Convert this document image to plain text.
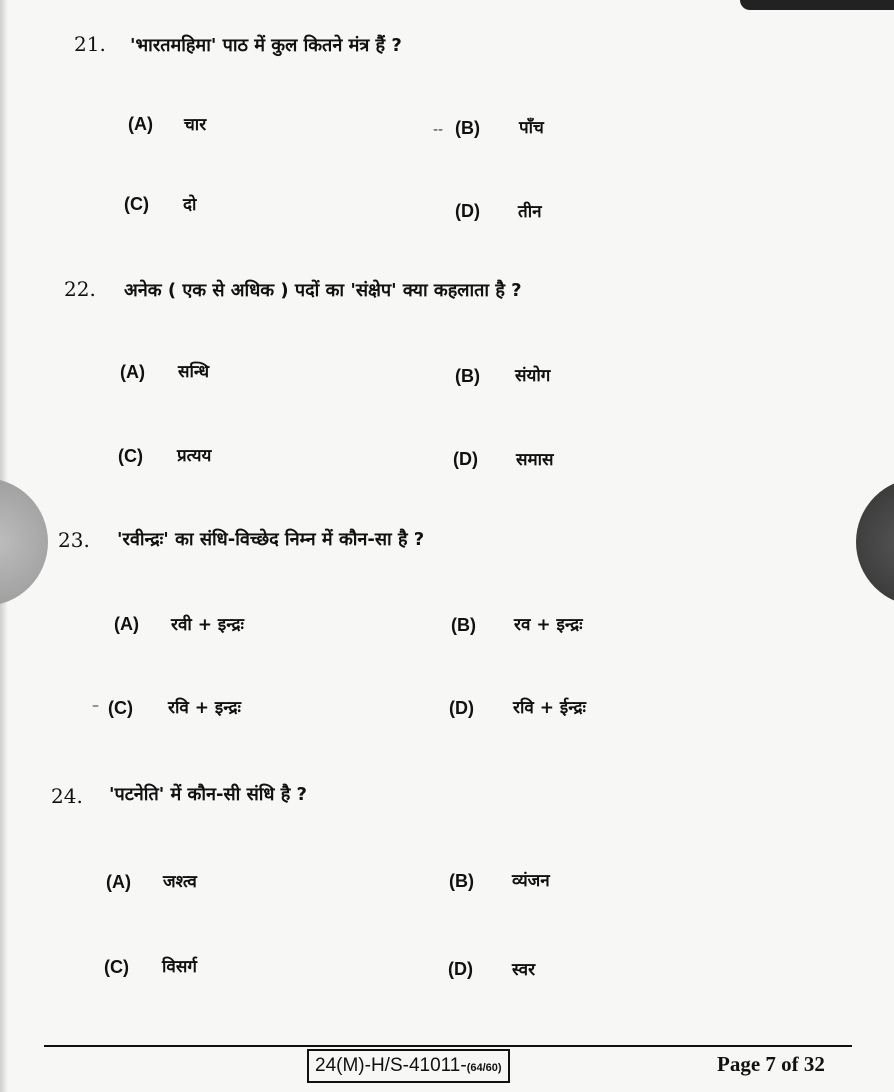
21. 'भारतमहिमा' पाठ में कुल कितने मंत्र हैं ?
(A) चार	-- (B) पाँच
(C) दो	(D) तीन
22. अनेक ( एक से अधिक ) पदों का 'संक्षेप' क्या कहलाता है ?
(A) सन्धि	(B) संयोग
(C) प्रत्यय	(D) समास
23. 'रवीन्द्रः' का संधि-विच्छेद निम्न में कौन-सा है ?
(A) रवी + इन्द्रः	(B) रव + इन्द्रः
– (C) रवि + इन्द्रः	(D) रवि + ईन्द्रः
24. 'पटनेति' में कौन-सी संधि है ?
(A) जश्त्व	(B) व्यंजन
(C) विसर्ग	(D) स्वर
24(M)-H/S-41011-(64/60)	Page 7 of 32
